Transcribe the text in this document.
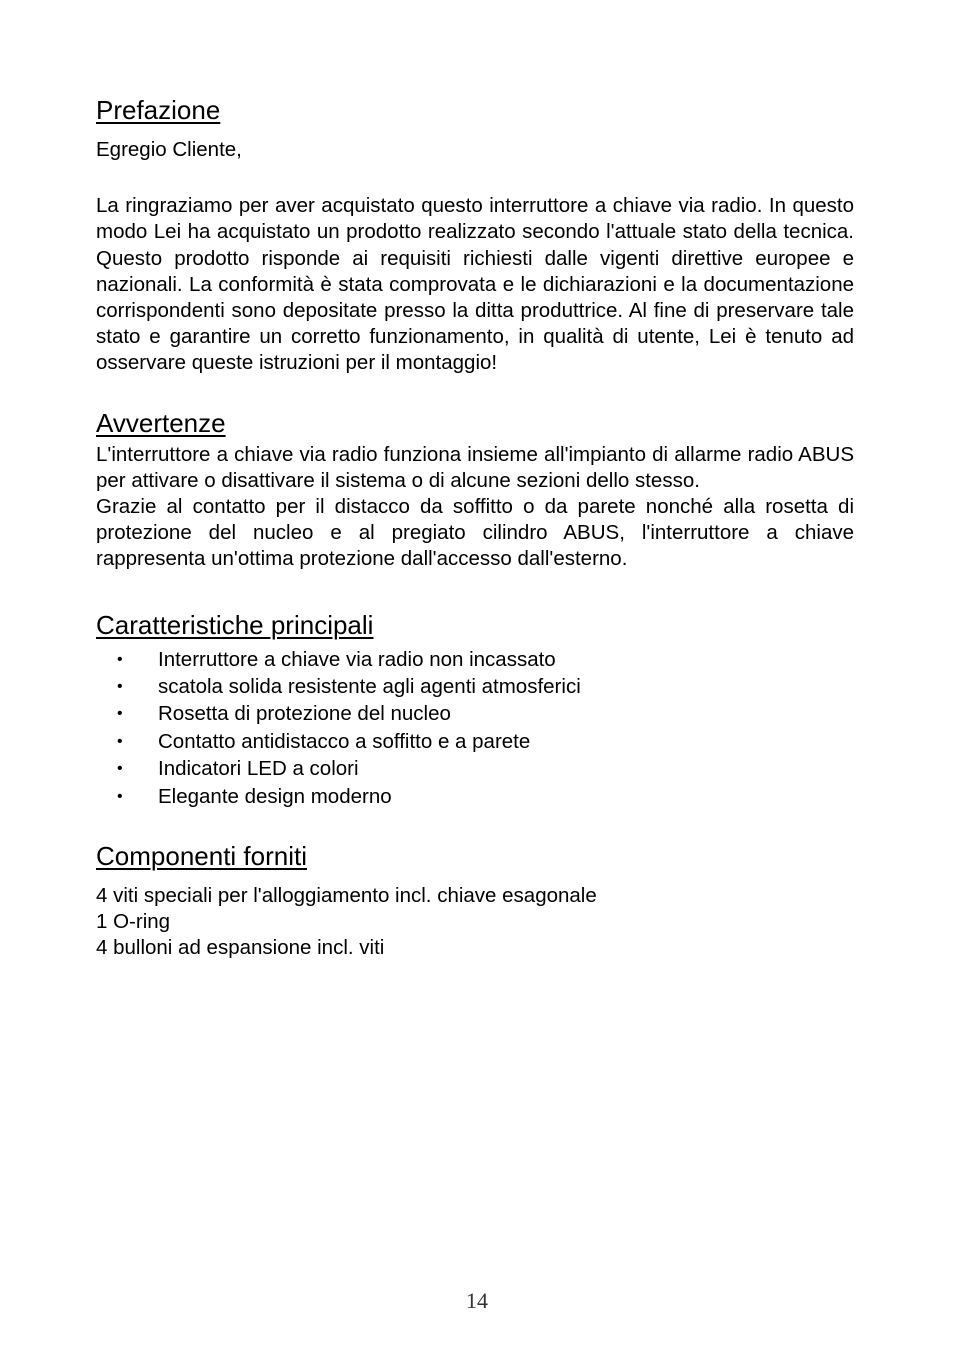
Prefazione

Egregio Cliente,

La ringraziamo per aver acquistato questo interruttore a chiave via radio. In questo modo Lei ha acquistato un prodotto realizzato secondo l'attuale stato della tecnica. Questo prodotto risponde ai requisiti richiesti dalle vigenti direttive europee e nazionali. La conformità è stata comprovata e le dichiarazioni e la documentazione corrispondenti sono depositate presso la ditta produttrice. Al fine di preservare tale stato e garantire un corretto funzionamento, in qualità di utente, Lei è tenuto ad osservare queste istruzioni per il montaggio!

Avvertenze

L'interruttore a chiave via radio funziona insieme all'impianto di allarme radio ABUS per attivare o disattivare il sistema o di alcune sezioni dello stesso.

Grazie al contatto per il distacco da soffitto o da parete nonché alla rosetta di protezione del nucleo e al pregiato cilindro ABUS, l'interruttore a chiave rappresenta un'ottima protezione dall'accesso dall'esterno.

Caratteristiche principali
• Interruttore a chiave via radio non incassato
• scatola solida resistente agli agenti atmosferici
• Rosetta di protezione del nucleo
• Contatto antidistacco a soffitto e a parete
• Indicatori LED a colori
• Elegante design moderno
Componenti forniti

4 viti speciali per l'alloggiamento incl. chiave esagonale

1 O-ring

4 bulloni ad espansione incl. viti

14
